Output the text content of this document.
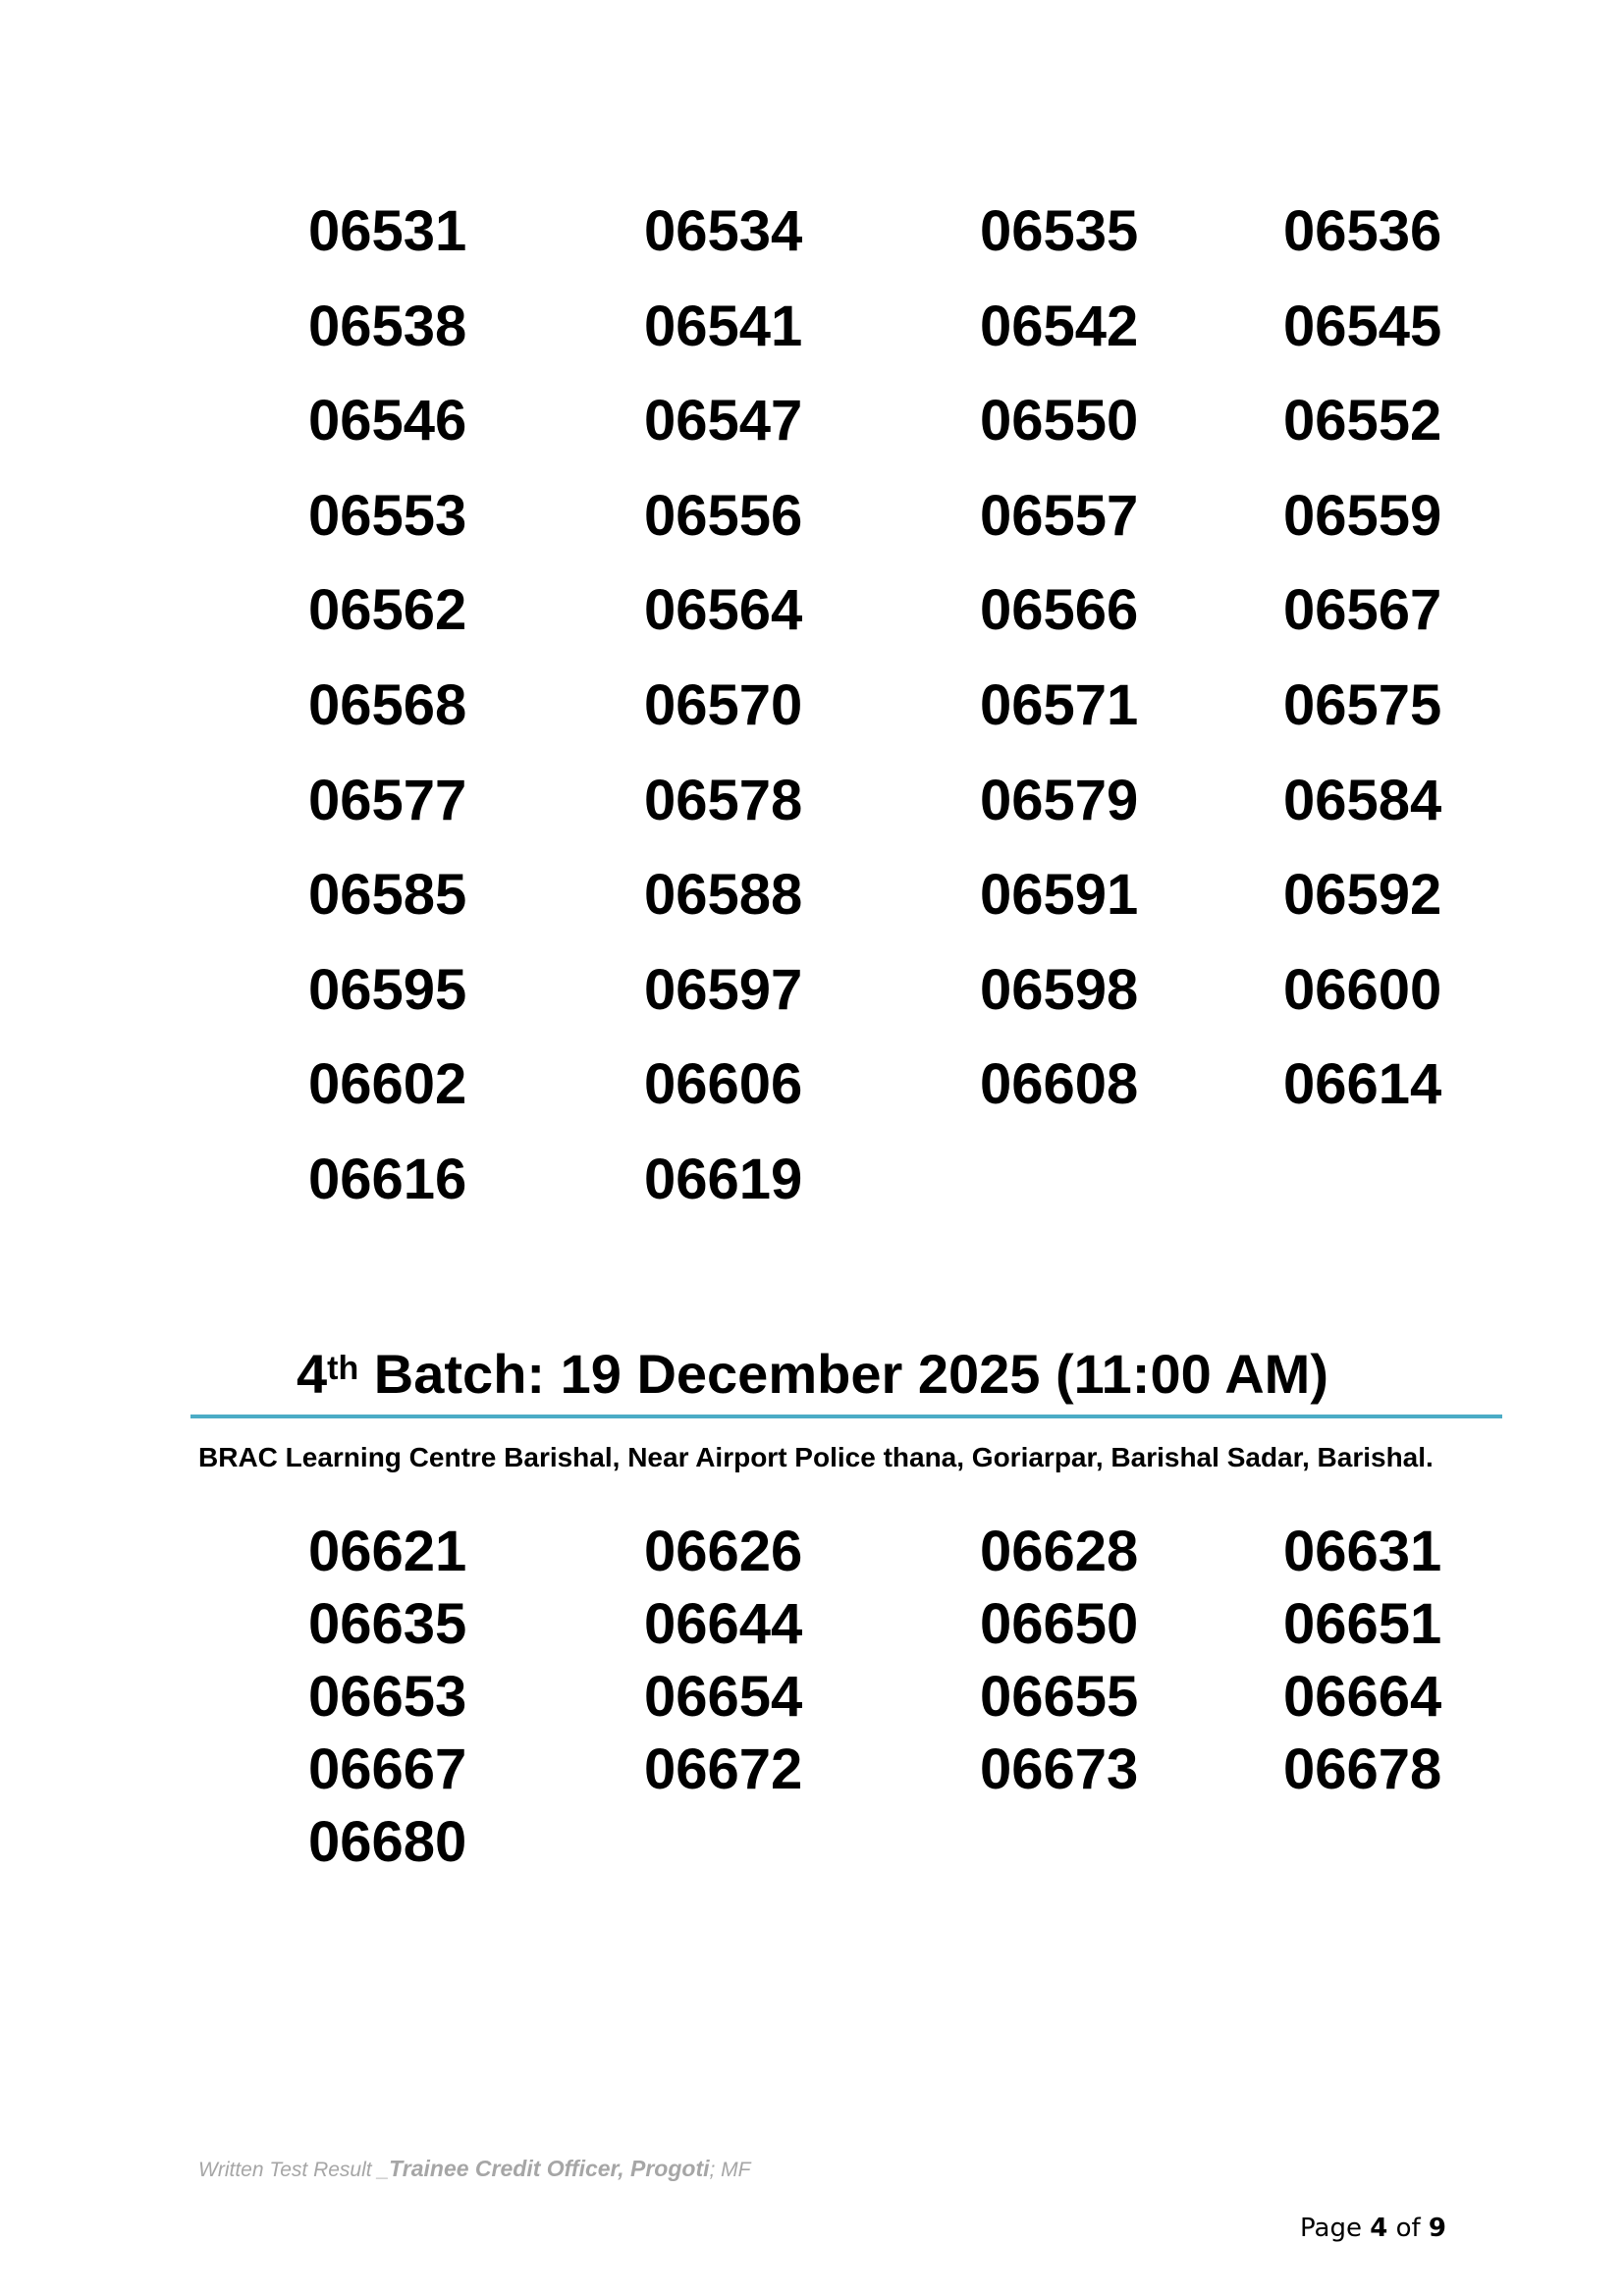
06531	06534	06535	06536
06538	06541	06542	06545
06546	06547	06550	06552
06553	06556	06557	06559
06562	06564	06566	06567
06568	06570	06571	06575
06577	06578	06579	06584
06585	06588	06591	06592
06595	06597	06598	06600
06602	06606	06608	06614
06616	06619
4th Batch: 19 December 2025 (11:00 AM)
BRAC Learning Centre Barishal, Near Airport Police thana, Goriarpar, Barishal Sadar, Barishal.
06621	06626	06628	06631
06635	06644	06650	06651
06653	06654	06655	06664
06667	06672	06673	06678
06680
Written Test Result _Trainee Credit Officer, Progoti; MF
Page 4 of 9
